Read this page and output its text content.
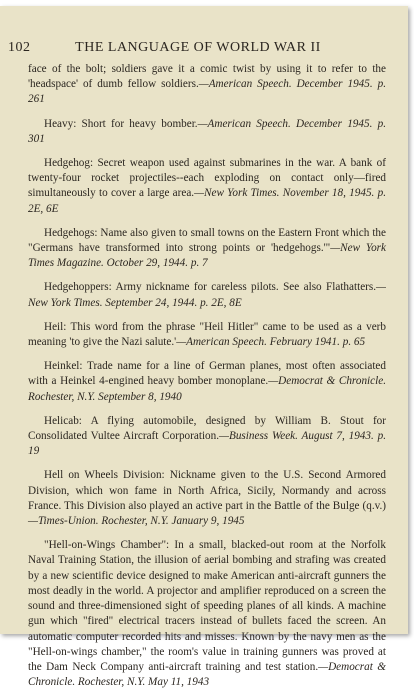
102	THE LANGUAGE OF WORLD WAR II

face of the bolt; soldiers gave it a comic twist by using it to refer to the 'headspace' of dumb fellow soldiers.—American Speech. December 1945. p. 261

Heavy: Short for heavy bomber.—American Speech. December 1945. p. 301

Hedgehog: Secret weapon used against submarines in the war. A bank of twenty-four rocket projectiles--each exploding on contact only—fired simultaneously to cover a large area.—New York Times. November 18, 1945. p. 2E, 6E

Hedgehogs: Name also given to small towns on the Eastern Front which the "Germans have transformed into strong points or 'hedgehogs.'"—New York Times Magazine. October 29, 1944. p. 7

Hedgehoppers: Army nickname for careless pilots. See also Flathatters.—New York Times. September 24, 1944. p. 2E, 8E

Heil: This word from the phrase "Heil Hitler" came to be used as a verb meaning 'to give the Nazi salute.'—American Speech. February 1941. p. 65

Heinkel: Trade name for a line of German planes, most often associated with a Heinkel 4-engined heavy bomber monoplane.—Democrat & Chronicle. Rochester, N.Y. September 8, 1940

Helicab: A flying automobile, designed by William B. Stout for Consolidated Vultee Aircraft Corporation.—Business Week. August 7, 1943. p. 19

Hell on Wheels Division: Nickname given to the U.S. Second Armored Division, which won fame in North Africa, Sicily, Normandy and across France. This Division also played an active part in the Battle of the Bulge (q.v.)—Times-Union. Rochester, N.Y. January 9, 1945

"Hell-on-Wings Chamber": In a small, blacked-out room at the Norfolk Naval Training Station, the illusion of aerial bombing and strafing was created by a new scientific device designed to make American anti-aircraft gunners the most deadly in the world. A projector and amplifier reproduced on a screen the sound and three-dimensioned sight of speeding planes of all kinds. A machine gun which "fired" electrical tracers instead of bullets faced the screen. An automatic computer recorded hits and misses. Known by the navy men as the "Hell-on-wings chamber," the room's value in training gunners was proved at the Dam Neck Company anti-aircraft training and test station.—Democrat & Chronicle. Rochester, N.Y. May 11, 1943
